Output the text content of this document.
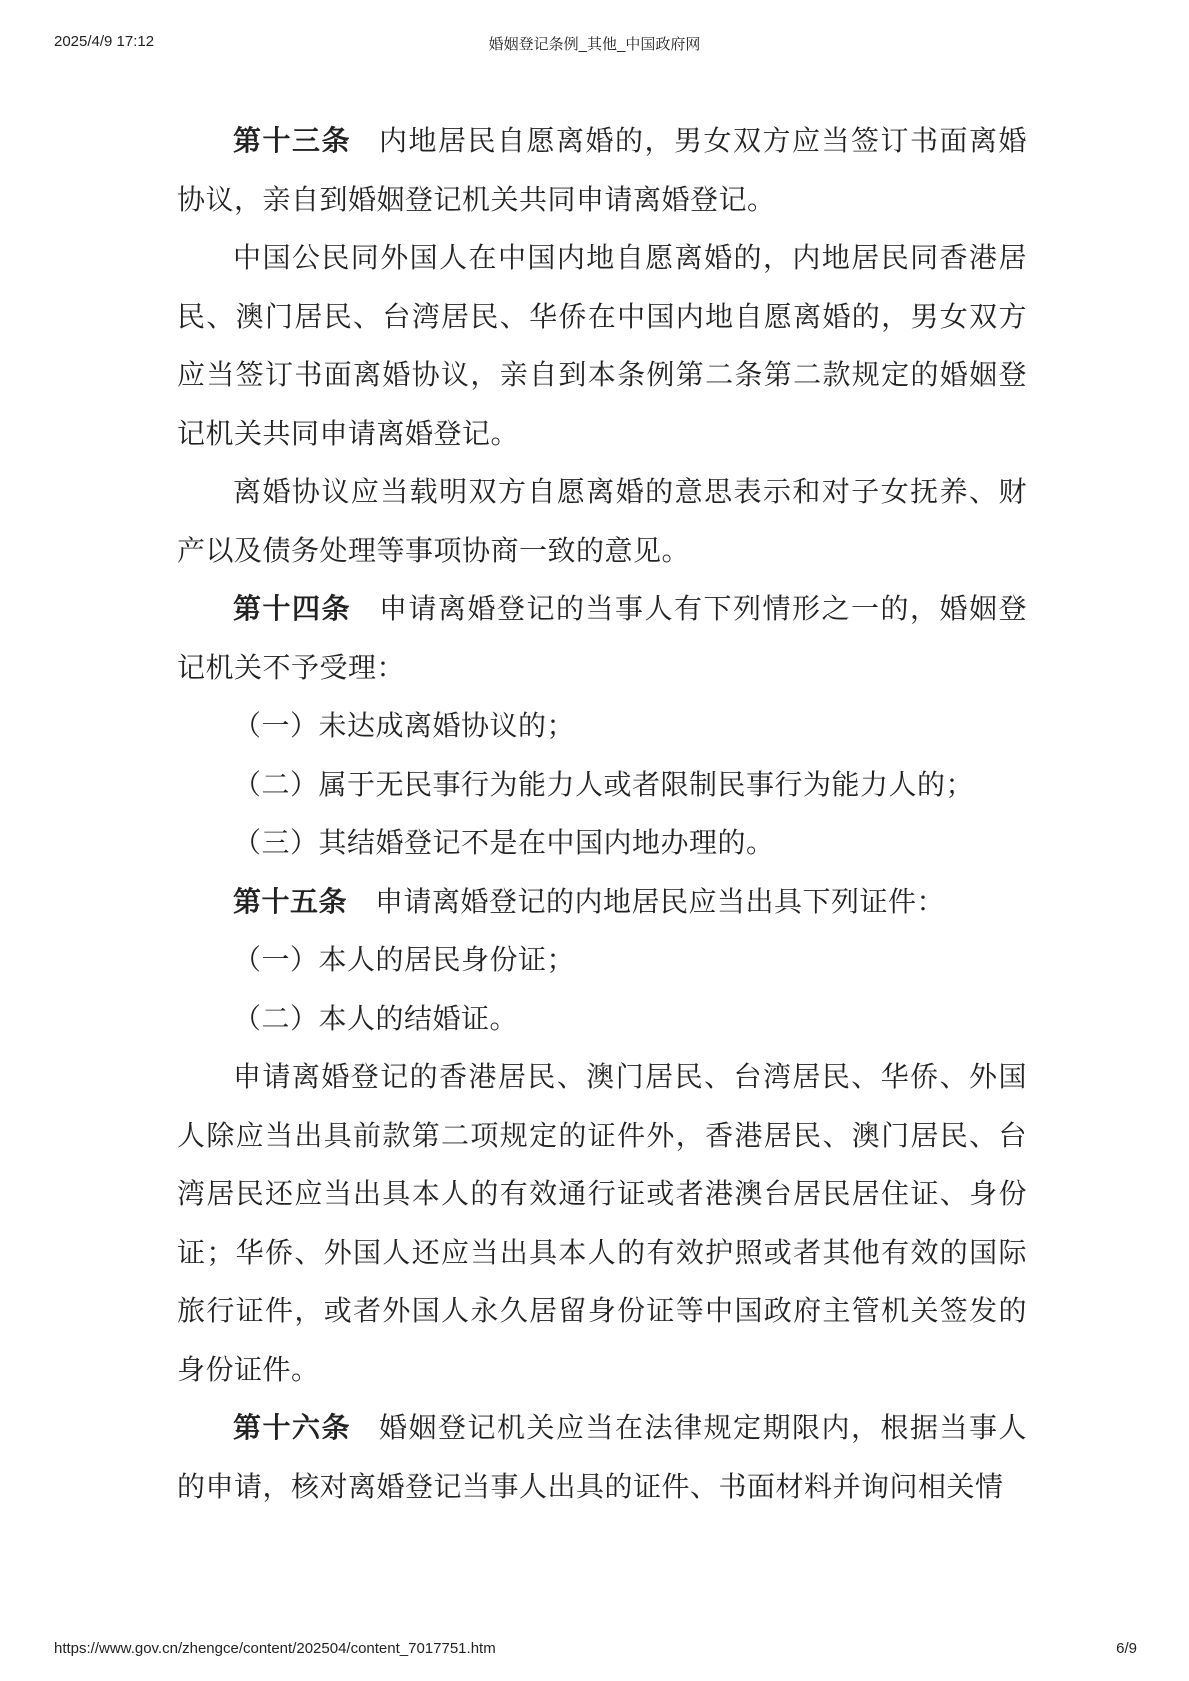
2025/4/9 17:12	婚姻登记条例_其他_中国政府网

第十三条 内地居民自愿离婚的，男女双方应当签订书面离婚协议，亲自到婚姻登记机关共同申请离婚登记。

中国公民同外国人在中国内地自愿离婚的，内地居民同香港居民、澳门居民、台湾居民、华侨在中国内地自愿离婚的，男女双方应当签订书面离婚协议，亲自到本条例第二条第二款规定的婚姻登记机关共同申请离婚登记。

离婚协议应当载明双方自愿离婚的意思表示和对子女抚养、财产以及债务处理等事项协商一致的意见。

第十四条 申请离婚登记的当事人有下列情形之一的，婚姻登记机关不予受理：

（一）未达成离婚协议的；

（二）属于无民事行为能力人或者限制民事行为能力人的；

（三）其结婚登记不是在中国内地办理的。

第十五条 申请离婚登记的内地居民应当出具下列证件：

（一）本人的居民身份证；

（二）本人的结婚证。

申请离婚登记的香港居民、澳门居民、台湾居民、华侨、外国人除应当出具前款第二项规定的证件外，香港居民、澳门居民、台湾居民还应当出具本人的有效通行证或者港澳台居民居住证、身份证；华侨、外国人还应当出具本人的有效护照或者其他有效的国际旅行证件，或者外国人永久居留身份证等中国政府主管机关签发的身份证件。

第十六条 婚姻登记机关应当在法律规定期限内，根据当事人的申请，核对离婚登记当事人出具的证件、书面材料并询问相关情

https://www.gov.cn/zhengce/content/202504/content_7017751.htm	6/9
